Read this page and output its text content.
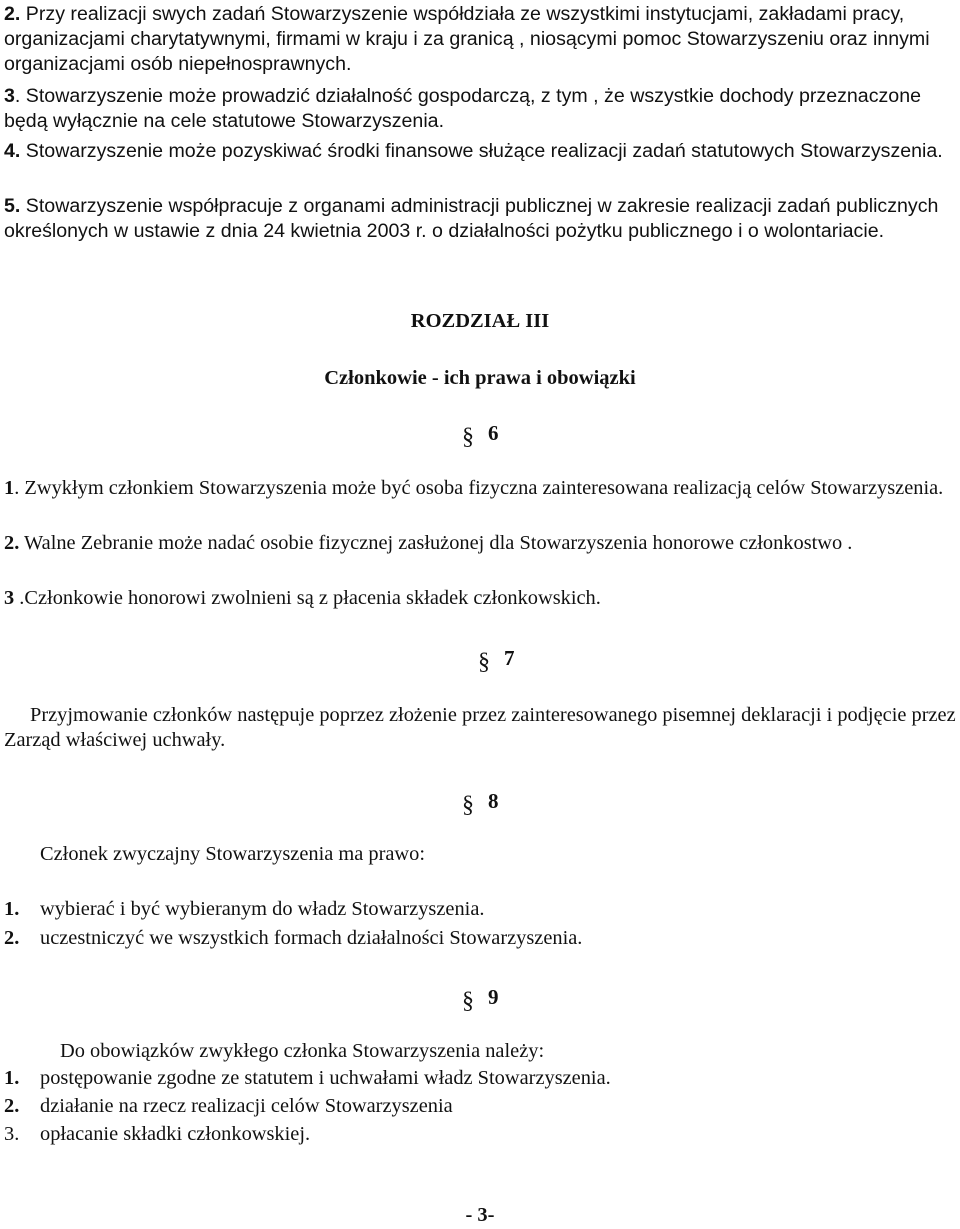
2. Przy realizacji swych zadań Stowarzyszenie współdziała ze wszystkimi instytucjami, zakładami pracy, organizacjami charytatywnymi, firmami w kraju i za granicą , niosącymi pomoc Stowarzyszeniu oraz innymi organizacjami osób niepełnosprawnych.

3. Stowarzyszenie może prowadzić działalność gospodarczą, z tym , że wszystkie dochody przeznaczone będą wyłącznie na cele statutowe Stowarzyszenia.

4. Stowarzyszenie może pozyskiwać środki finansowe służące realizacji zadań statutowych Stowarzyszenia.

5. Stowarzyszenie współpracuje z organami administracji publicznej w zakresie realizacji zadań publicznych określonych w ustawie z dnia 24 kwietnia 2003 r. o działalności pożytku publicznego i o wolontariacie.

ROZDZIAŁ III

Członkowie - ich prawa i obowiązki

§ 6

1. Zwykłym członkiem Stowarzyszenia może być osoba fizyczna zainteresowana realizacją celów Stowarzyszenia.

2. Walne Zebranie może nadać osobie fizycznej zasłużonej dla Stowarzyszenia honorowe członkostwo .

3 .Członkowie honorowi zwolnieni są z płacenia składek członkowskich.

§ 7

Przyjmowanie członków następuje poprzez złożenie przez zainteresowanego pisemnej deklaracji i podjęcie przez Zarząd właściwej uchwały.

§ 8

Członek zwyczajny Stowarzyszenia ma prawo:

1. wybierać i być wybieranym do władz Stowarzyszenia.

2. uczestniczyć we wszystkich formach działalności Stowarzyszenia.

§ 9

Do obowiązków zwykłego członka Stowarzyszenia należy:

1. postępowanie zgodne ze statutem i uchwałami władz Stowarzyszenia.

2. działanie na rzecz realizacji celów Stowarzyszenia

3. opłacanie składki członkowskiej.

- 3-
